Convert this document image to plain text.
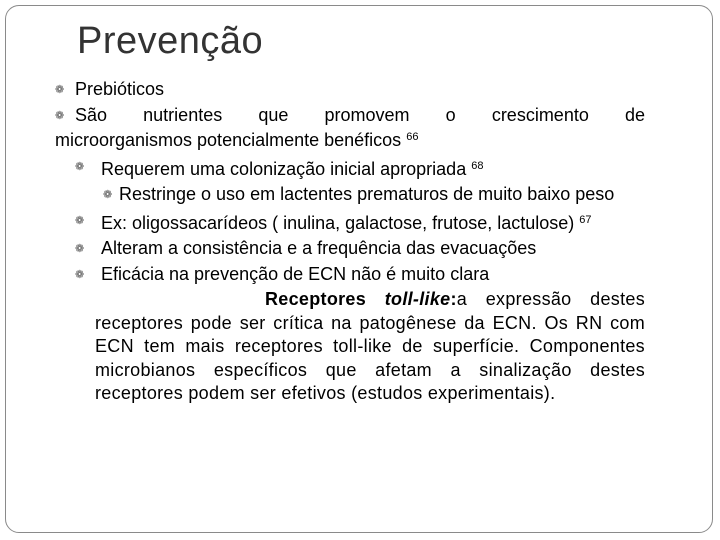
Prevenção

❁ Prebióticos

❁ São nutrientes que promovem o crescimento de
microorganismos potencialmente benéficos $^{66}$

❁ Requerem uma colonização inicial apropriada $^{68}$

❁ Restringe o uso em lactentes prematuros de muito baixo peso

❁ Ex: oligossacarídeos ( inulina, galactose, frutose, lactulose) $^{67}$

❁ Alteram a consistência e a frequência das evacuações

❁ Eficácia na prevenção de ECN não é muito clara

Receptores toll-like:a expressão destes receptores pode ser crítica na patogênese da ECN. Os RN com ECN tem mais receptores toll-like de superfície. Componentes microbianos específicos que afetam a sinalização destes receptores podem ser efetivos (estudos experimentais).
